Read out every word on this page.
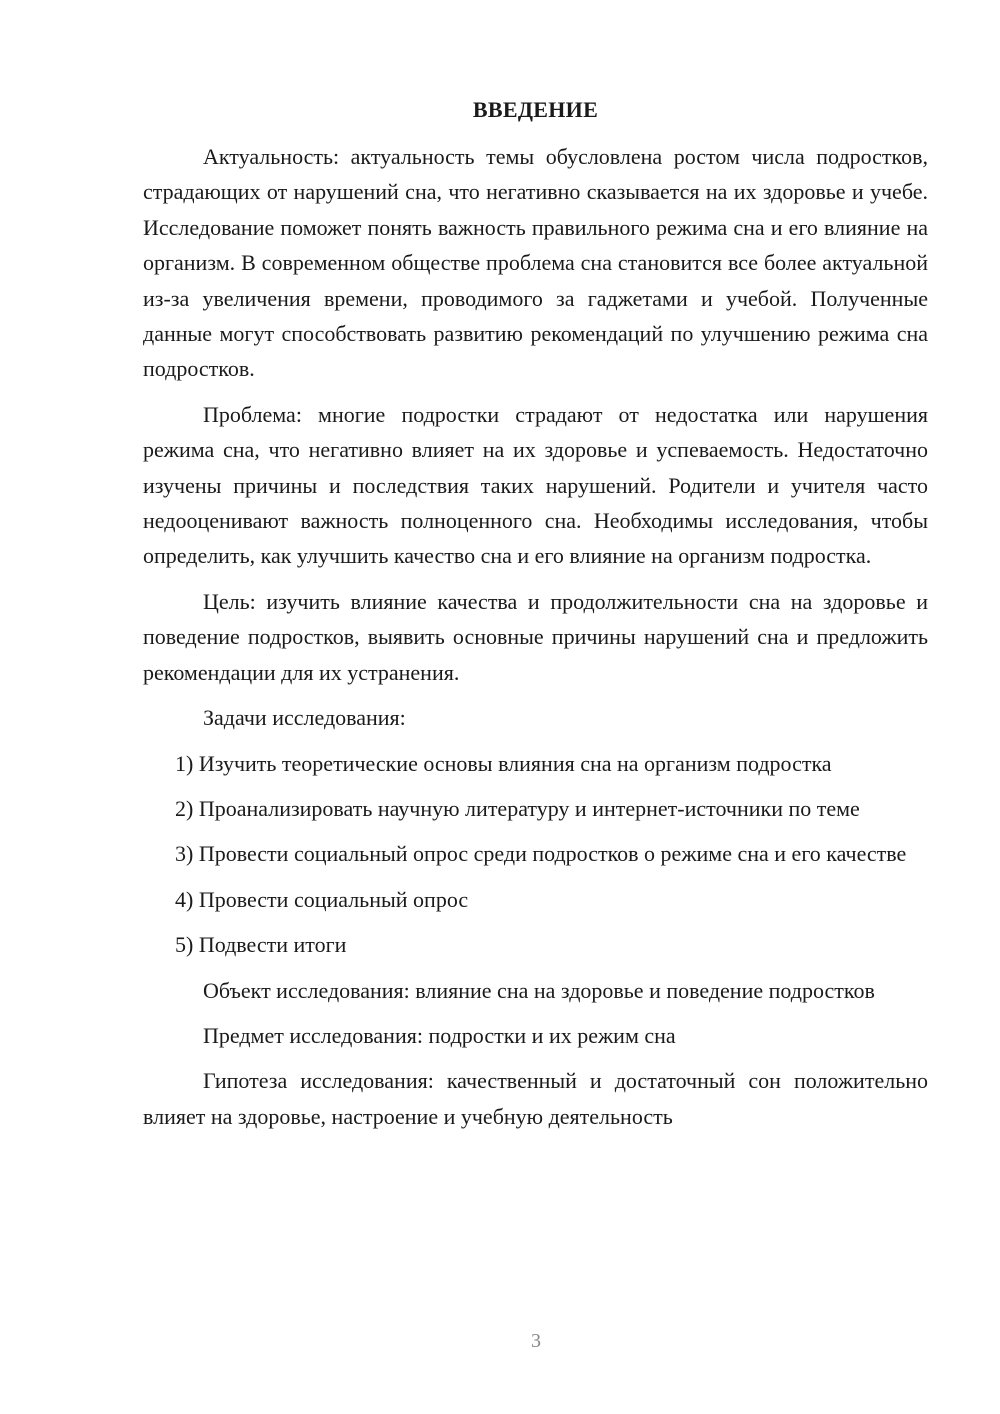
ВВЕДЕНИЕ

Актуальность: актуальность темы обусловлена ростом числа подростков, страдающих от нарушений сна, что негативно сказывается на их здоровье и учебе. Исследование поможет понять важность правильного режима сна и его влияние на организм. В современном обществе проблема сна становится все более актуальной из-за увеличения времени, проводимого за гаджетами и учебой. Полученные данные могут способствовать развитию рекомендаций по улучшению режима сна подростков.

Проблема: многие подростки страдают от недостатка или нарушения режима сна, что негативно влияет на их здоровье и успеваемость. Недостаточно изучены причины и последствия таких нарушений. Родители и учителя часто недооценивают важность полноценного сна. Необходимы исследования, чтобы определить, как улучшить качество сна и его влияние на организм подростка.

Цель: изучить влияние качества и продолжительности сна на здоровье и поведение подростков, выявить основные причины нарушений сна и предложить рекомендации для их устранения.

Задачи исследования:

1) Изучить теоретические основы влияния сна на организм подростка

2) Проанализировать научную литературу и интернет-источники по теме

3) Провести социальный опрос среди подростков о режиме сна и его качестве

4) Провести социальный опрос

5) Подвести итоги

Объект исследования: влияние сна на здоровье и поведение подростков

Предмет исследования: подростки и их режим сна

Гипотеза исследования: качественный и достаточный сон положительно влияет на здоровье, настроение и учебную деятельность

3
